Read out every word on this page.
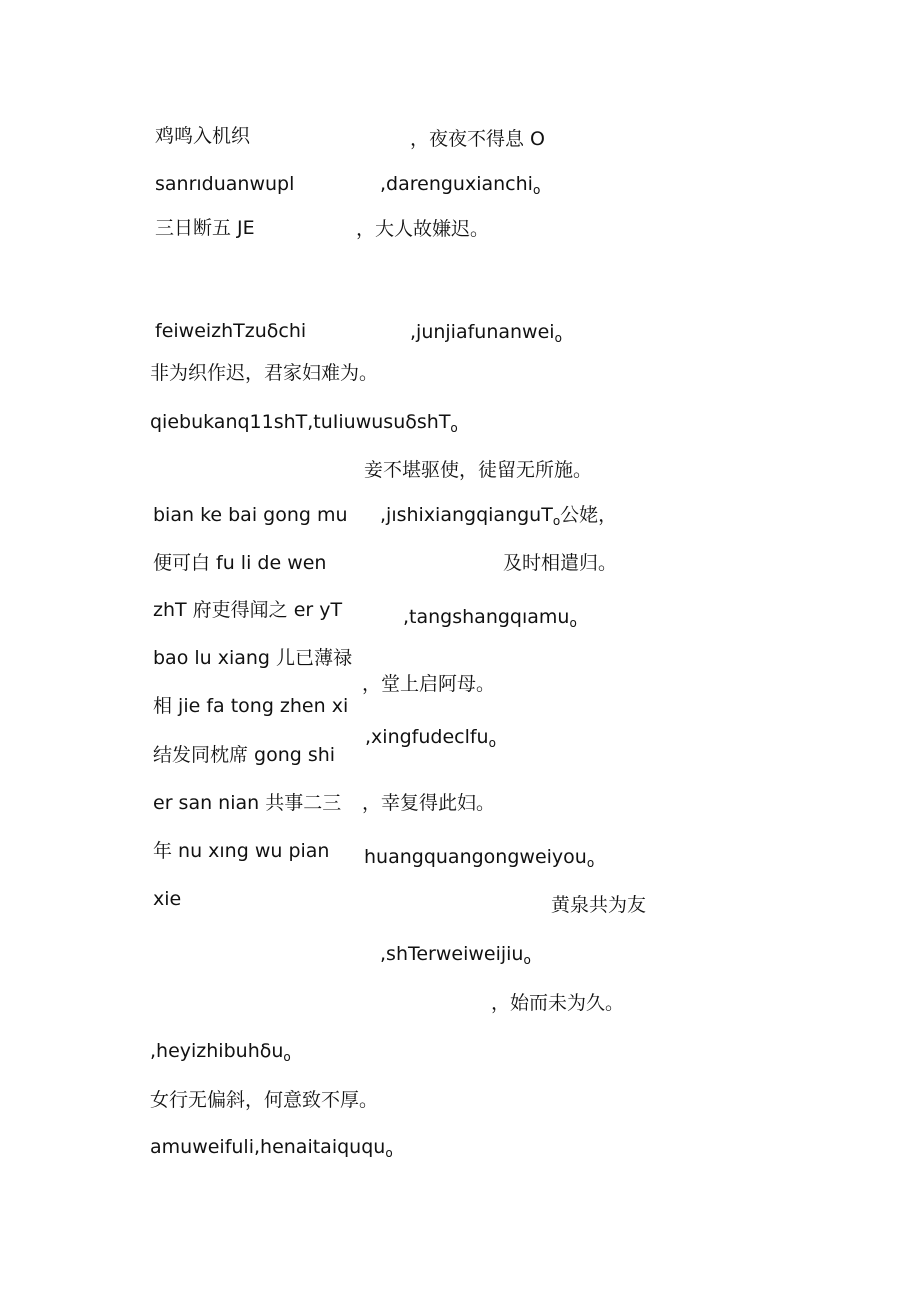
鸡鸣入机织	，夜夜不得息 O
sanrıduanwupl	,darenguxianchi$_o$
三日断五 JE	，大人故嫌迟。
feiweizhTzuδchi	,junjiafunanwei$_o$
非为织作迟，君家妇难为。
qiebukanq11shT,tuIiuwusuδshT$_o$
妾不堪驱使，徒留无所施。
bian ke bai gong mu ,jıshixiangqianguT$_o$公姥，
便可白 fu li de wen	及时相遣归。
zhT 府吏得闻之 er yT	,tangshangqıamu$_o$
bao lu xiang 儿已薄禄
，堂上启阿母。
相 jie fa tong zhen xi
,xingfudeclfu$_o$
结发同枕席 gong shi
er san nian 共事二三 ，幸复得此妇。
年 nu xıng wu pian huangquangongweiyou$_o$
xie	黄泉共为友
,shTerweiweijiu$_o$
，始而未为久。
,heyizhibuhδu$_o$
女行无偏斜，何意致不厚。
amuweifuli,henaitaiququ$_o$
